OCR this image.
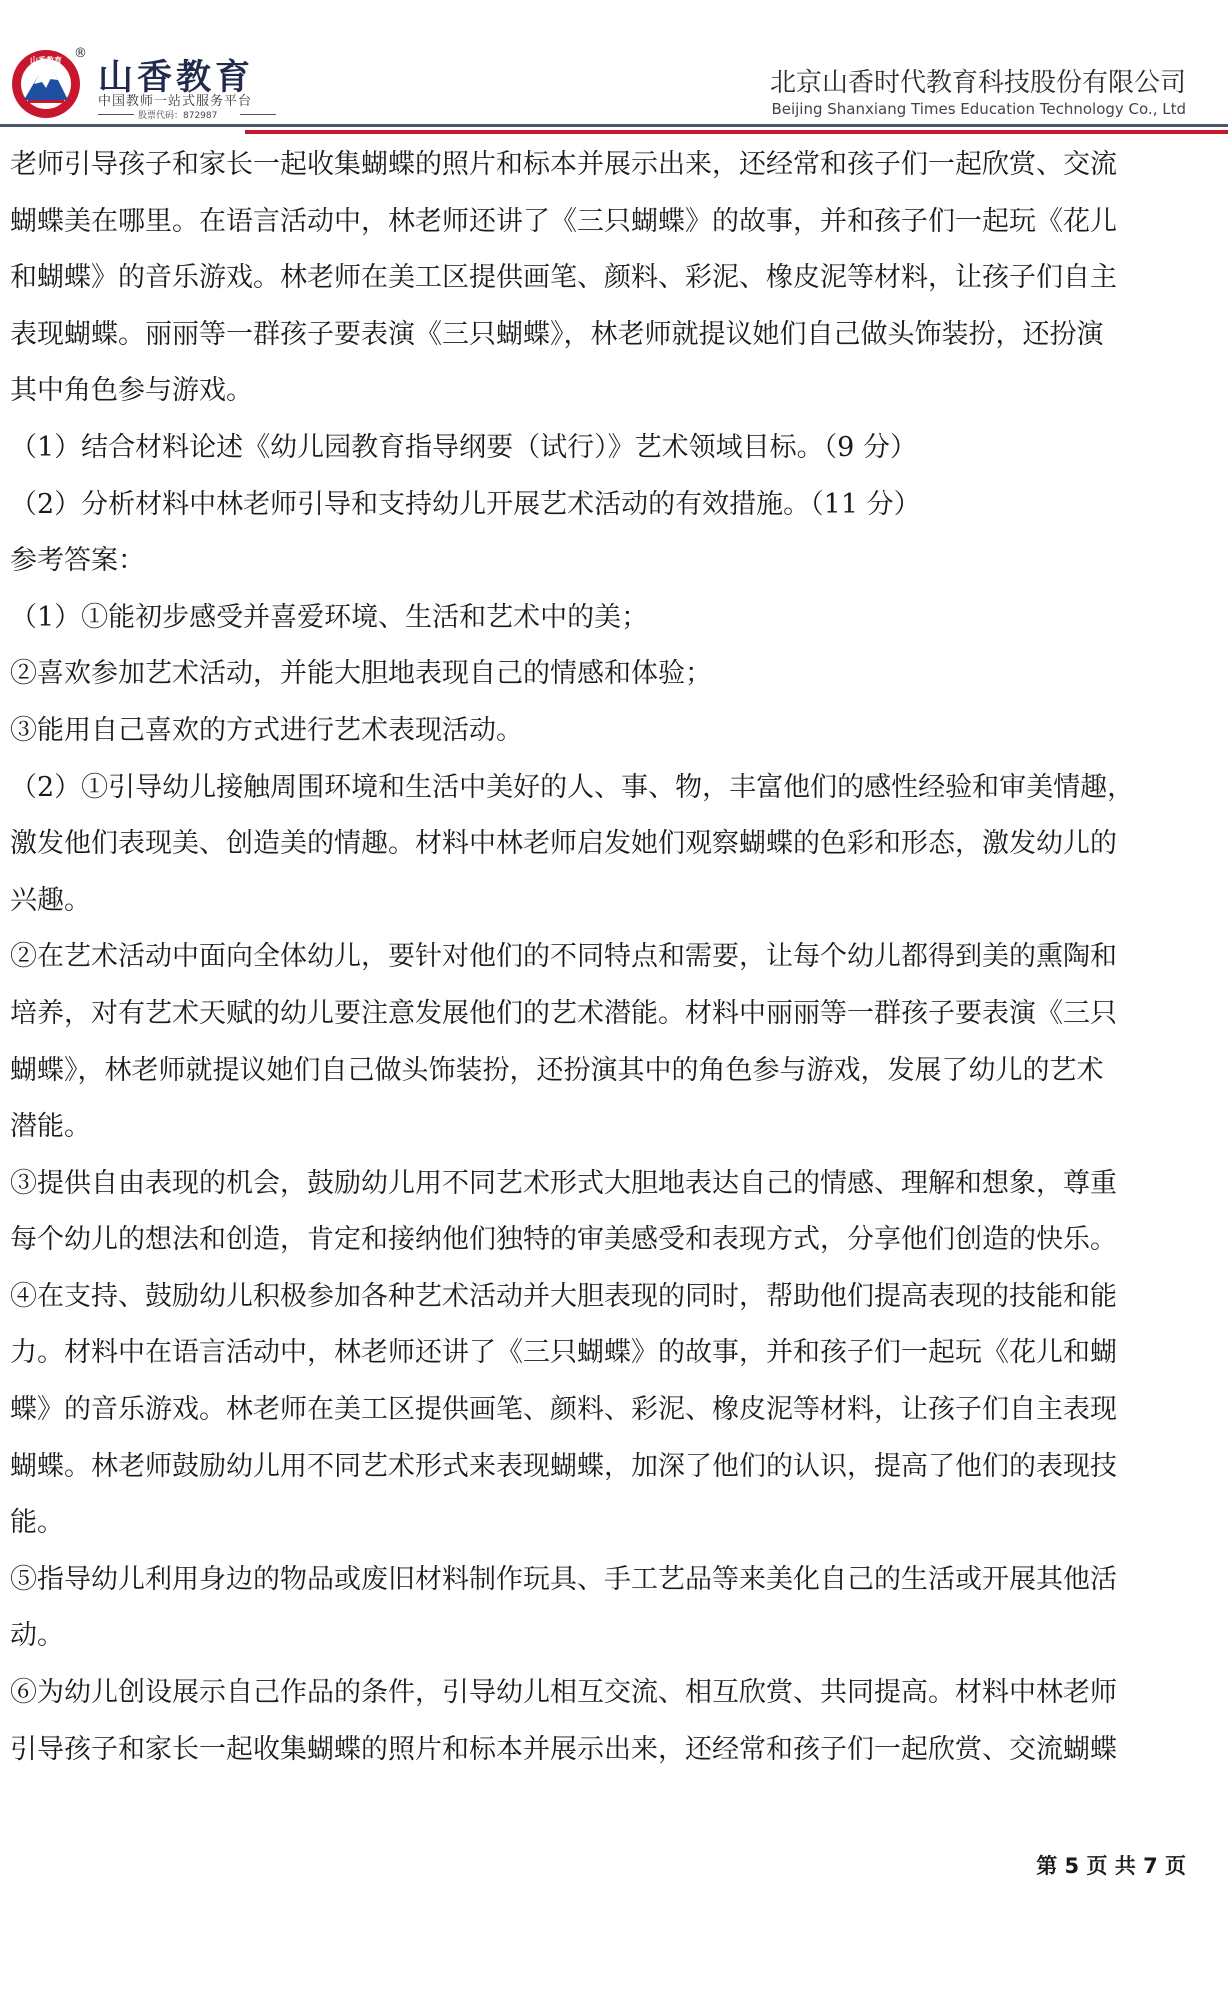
山香教育 ®
山香教育
中国教师一站式服务平台
股票代码：872987
北京山香时代教育科技股份有限公司
Beijing Shanxiang Times Education Technology Co., Ltd
老师引导孩子和家长一起收集蝴蝶的照片和标本并展示出来，还经常和孩子们一起欣赏、交流
蝴蝶美在哪里。在语言活动中，林老师还讲了《三只蝴蝶》的故事，并和孩子们一起玩《花儿
和蝴蝶》的音乐游戏。林老师在美工区提供画笔、颜料、彩泥、橡皮泥等材料，让孩子们自主
表现蝴蝶。丽丽等一群孩子要表演《三只蝴蝶》，林老师就提议她们自己做头饰装扮，还扮演
其中角色参与游戏。
（1）结合材料论述《幼儿园教育指导纲要（试行）》艺术领域目标。（9 分）
（2）分析材料中林老师引导和支持幼儿开展艺术活动的有效措施。（11 分）
参考答案：
（1）①能初步感受并喜爱环境、生活和艺术中的美；
②喜欢参加艺术活动，并能大胆地表现自己的情感和体验；
③能用自己喜欢的方式进行艺术表现活动。
（2）①引导幼儿接触周围环境和生活中美好的人、事、物，丰富他们的感性经验和审美情趣，
激发他们表现美、创造美的情趣。材料中林老师启发她们观察蝴蝶的色彩和形态，激发幼儿的
兴趣。
②在艺术活动中面向全体幼儿，要针对他们的不同特点和需要，让每个幼儿都得到美的熏陶和
培养，对有艺术天赋的幼儿要注意发展他们的艺术潜能。材料中丽丽等一群孩子要表演《三只
蝴蝶》，林老师就提议她们自己做头饰装扮，还扮演其中的角色参与游戏，发展了幼儿的艺术
潜能。
③提供自由表现的机会，鼓励幼儿用不同艺术形式大胆地表达自己的情感、理解和想象，尊重
每个幼儿的想法和创造，肯定和接纳他们独特的审美感受和表现方式，分享他们创造的快乐。
④在支持、鼓励幼儿积极参加各种艺术活动并大胆表现的同时，帮助他们提高表现的技能和能
力。材料中在语言活动中，林老师还讲了《三只蝴蝶》的故事，并和孩子们一起玩《花儿和蝴
蝶》的音乐游戏。林老师在美工区提供画笔、颜料、彩泥、橡皮泥等材料，让孩子们自主表现
蝴蝶。林老师鼓励幼儿用不同艺术形式来表现蝴蝶，加深了他们的认识，提高了他们的表现技
能。
⑤指导幼儿利用身边的物品或废旧材料制作玩具、手工艺品等来美化自己的生活或开展其他活
动。
⑥为幼儿创设展示自己作品的条件，引导幼儿相互交流、相互欣赏、共同提高。材料中林老师
引导孩子和家长一起收集蝴蝶的照片和标本并展示出来，还经常和孩子们一起欣赏、交流蝴蝶
第 5 页 共 7 页
